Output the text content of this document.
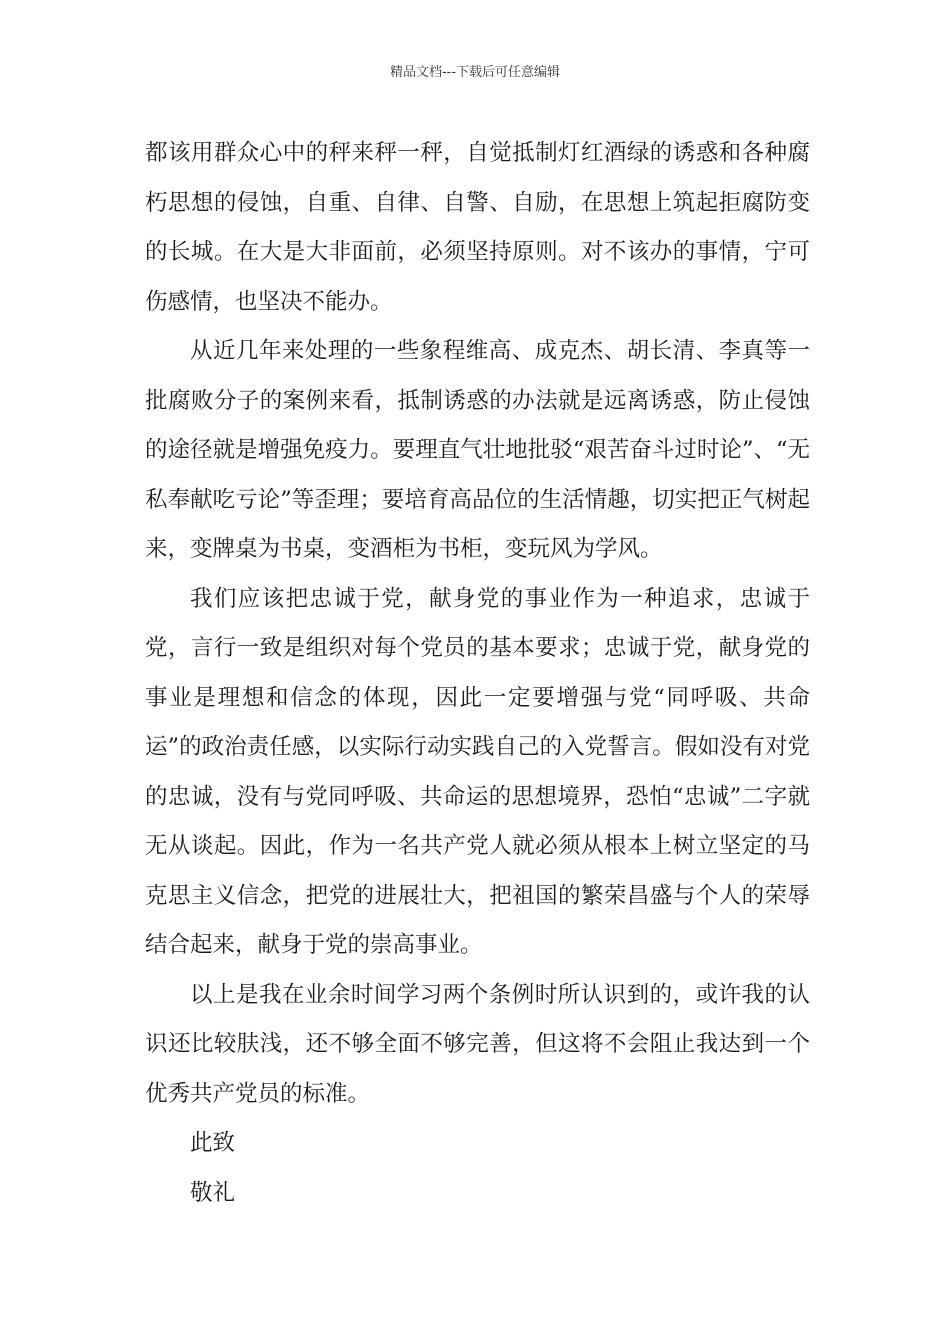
精品文档---下载后可任意编辑

都该用群众心中的秤来秤一秤，自觉抵制灯红酒绿的诱惑和各种腐朽思想的侵蚀，自重、自律、自警、自励，在思想上筑起拒腐防变的长城。在大是大非面前，必须坚持原则。对不该办的事情，宁可伤感情，也坚决不能办。

从近几年来处理的一些象程维高、成克杰、胡长清、李真等一批腐败分子的案例来看，抵制诱惑的办法就是远离诱惑，防止侵蚀的途径就是增强免疫力。要理直气壮地批驳“艰苦奋斗过时论”、“无私奉献吃亏论”等歪理；要培育高品位的生活情趣，切实把正气树起来，变牌桌为书桌，变酒柜为书柜，变玩风为学风。

我们应该把忠诚于党，献身党的事业作为一种追求，忠诚于党，言行一致是组织对每个党员的基本要求；忠诚于党，献身党的事业是理想和信念的体现，因此一定要增强与党“同呼吸、共命运”的政治责任感，以实际行动实践自己的入党誓言。假如没有对党的忠诚，没有与党同呼吸、共命运的思想境界，恐怕“忠诚”二字就无从谈起。因此，作为一名共产党人就必须从根本上树立坚定的马克思主义信念，把党的进展壮大，把祖国的繁荣昌盛与个人的荣辱结合起来，献身于党的崇高事业。

以上是我在业余时间学习两个条例时所认识到的，或许我的认识还比较肤浅，还不够全面不够完善，但这将不会阻止我达到一个优秀共产党员的标准。

此致

敬礼
